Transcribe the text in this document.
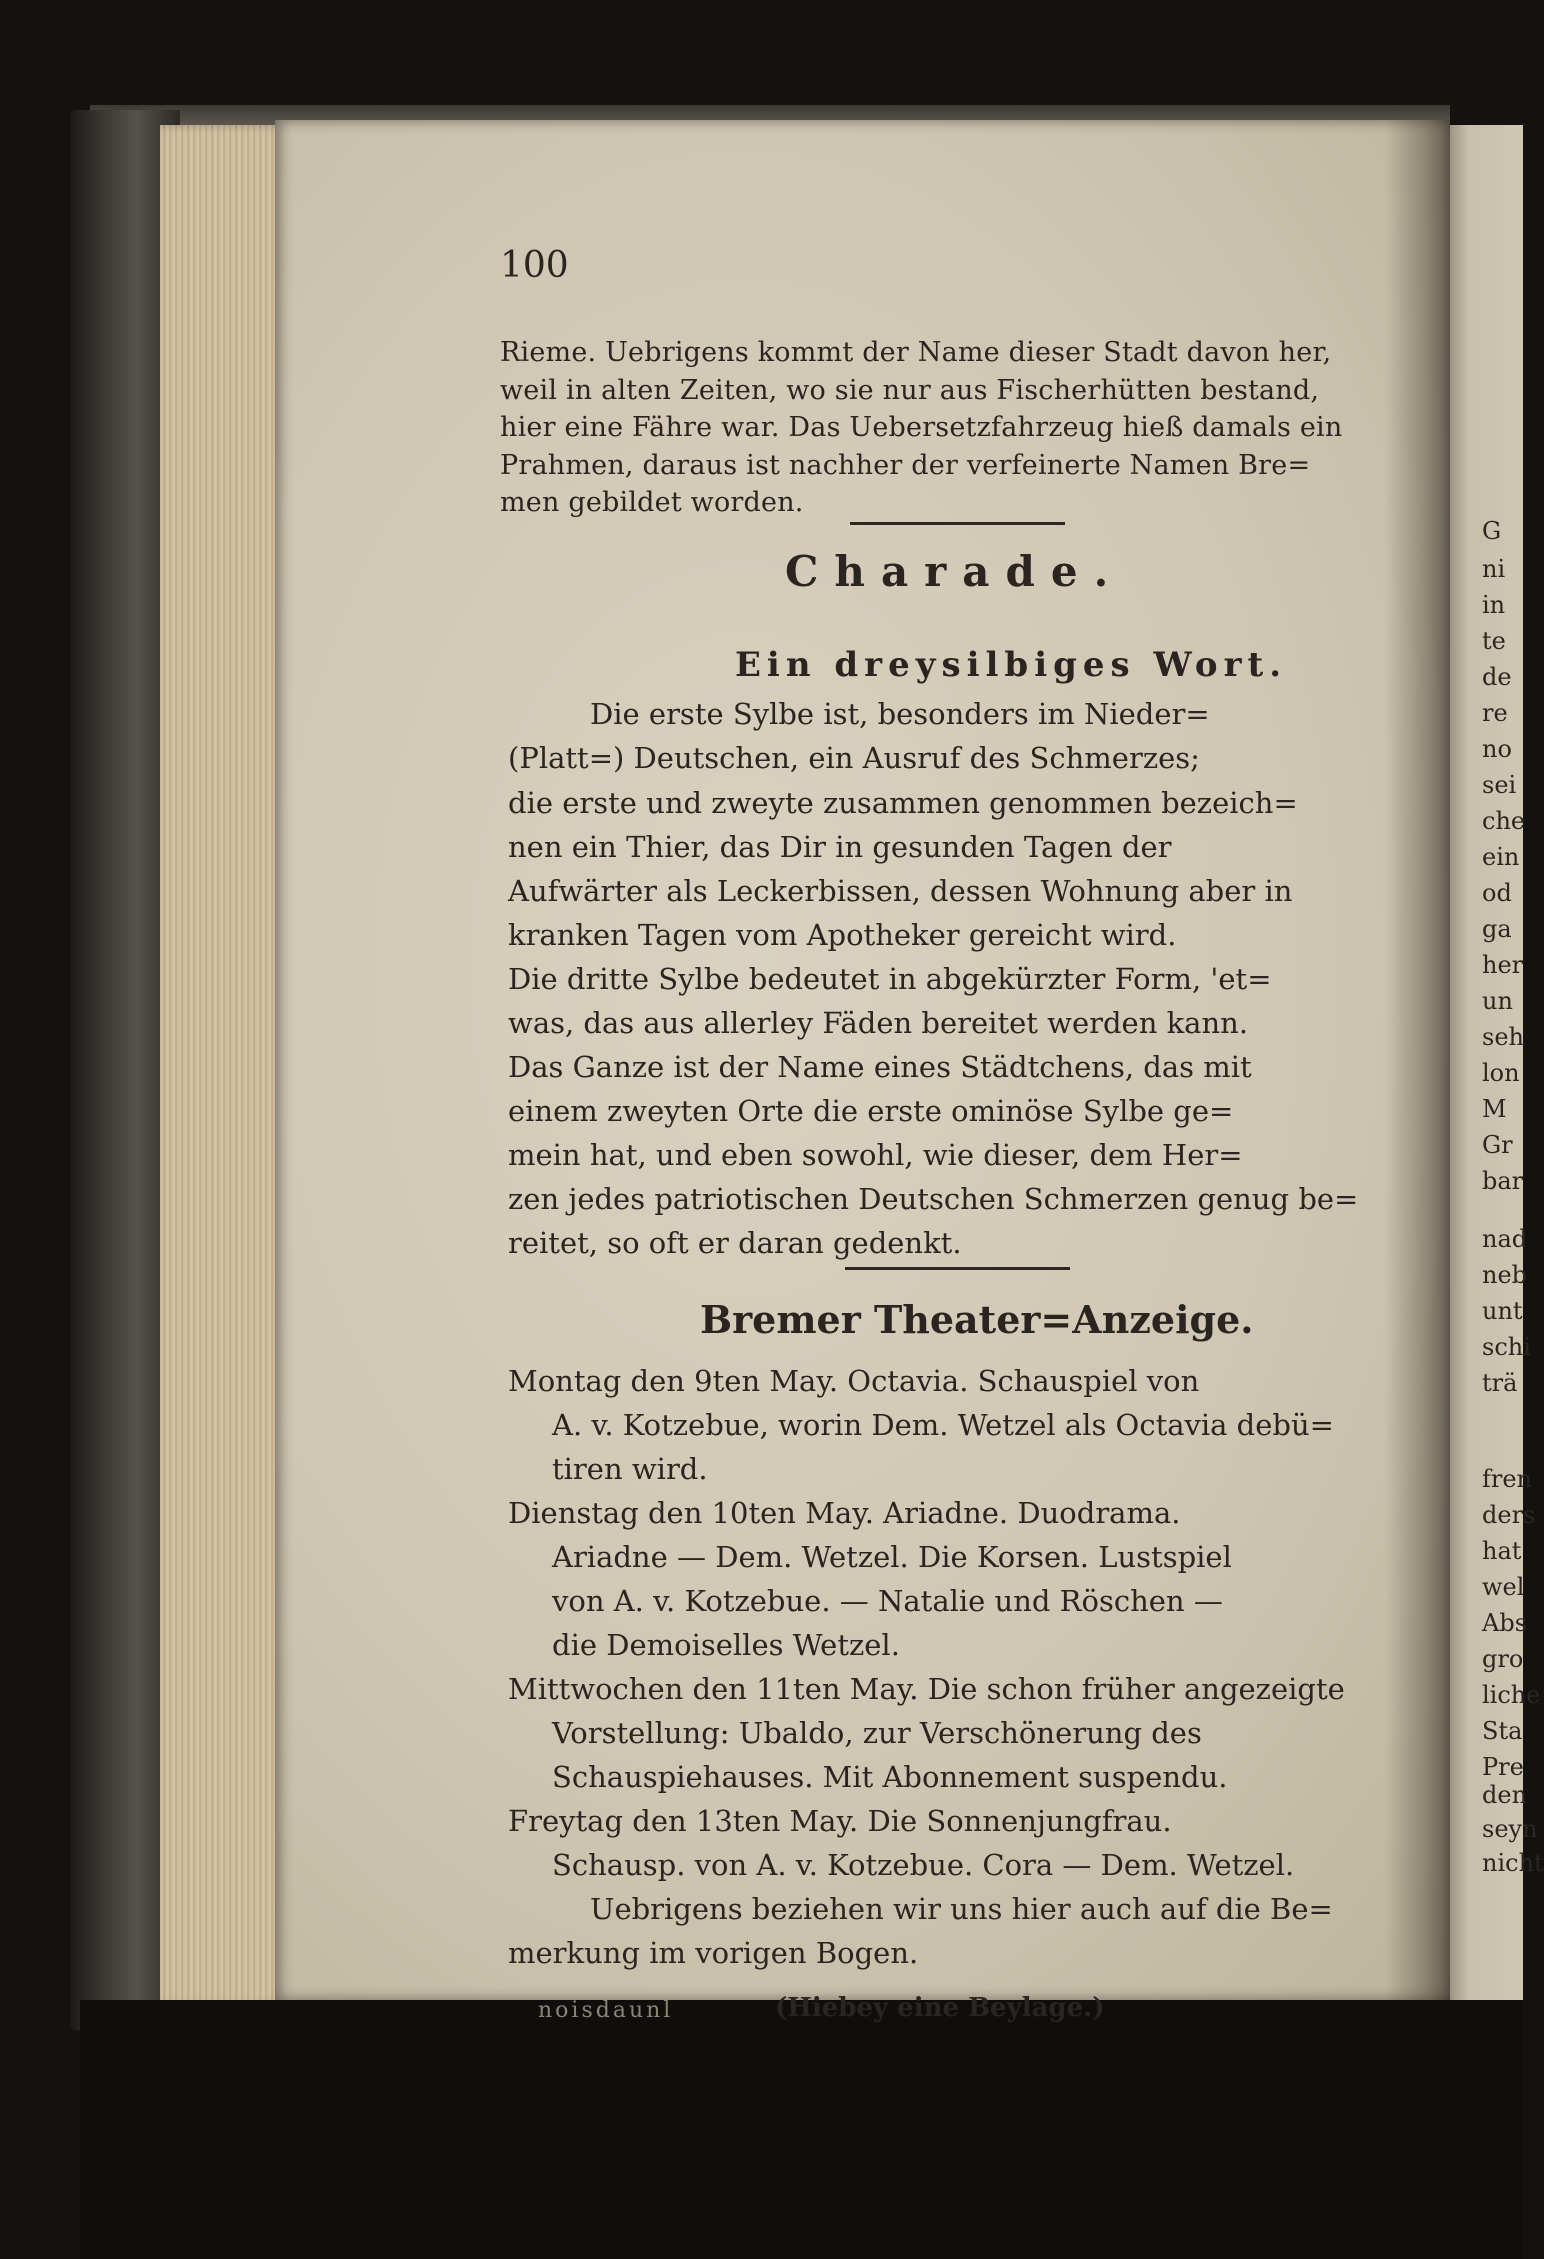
100
Rieme. Uebrigens kommt der Name dieser Stadt davon her,
weil in alten Zeiten, wo sie nur aus Fischerhütten bestand,
hier eine Fähre war. Das Uebersetzfahrzeug hieß damals ein
Prahmen, daraus ist nachher der verfeinerte Namen Bre=
men gebildet worden.
Charade.
Ein dreysilbiges Wort.
Die erste Sylbe ist, besonders im Nieder=
(Platt=) Deutschen, ein Ausruf des Schmerzes;
die erste und zweyte zusammen genommen bezeich=
nen ein Thier, das Dir in gesunden Tagen der
Aufwärter als Leckerbissen, dessen Wohnung aber in
kranken Tagen vom Apotheker gereicht wird.
Die dritte Sylbe bedeutet in abgekürzter Form, 'et=
was, das aus allerley Fäden bereitet werden kann.
Das Ganze ist der Name eines Städtchens, das mit
einem zweyten Orte die erste ominöse Sylbe ge=
mein hat, und eben sowohl, wie dieser, dem Her=
zen jedes patriotischen Deutschen Schmerzen genug be=
reitet, so oft er daran gedenkt.
Bremer Theater=Anzeige.
Montag den 9ten May. Octavia. Schauspiel von
A. v. Kotzebue, worin Dem. Wetzel als Octavia debü=
tiren wird.
Dienstag den 10ten May. Ariadne. Duodrama.
Ariadne — Dem. Wetzel. Die Korsen. Lustspiel
von A. v. Kotzebue. — Natalie und Röschen —
die Demoiselles Wetzel.
Mittwochen den 11ten May. Die schon früher angezeigte
Vorstellung: Ubaldo, zur Verschönerung des
Schauspiehauses. Mit Abonnement suspendu.
Freytag den 13ten May. Die Sonnenjungfrau.
Schausp. von A. v. Kotzebue. Cora — Dem. Wetzel.
Uebrigens beziehen wir uns hier auch auf die Be=
merkung im vorigen Bogen.
noisdaunl	(Hiebey eine Beylage.)
G
ni
in
te
de
re
no
sei
che
ein
od
ga
her
un
seh
lon
M
Gr
bar
nad
neb
unt
schi
trä
fren
ders
hat
wel
Abs
gro
liche
Sta
Pre
den
seyn
nicht
